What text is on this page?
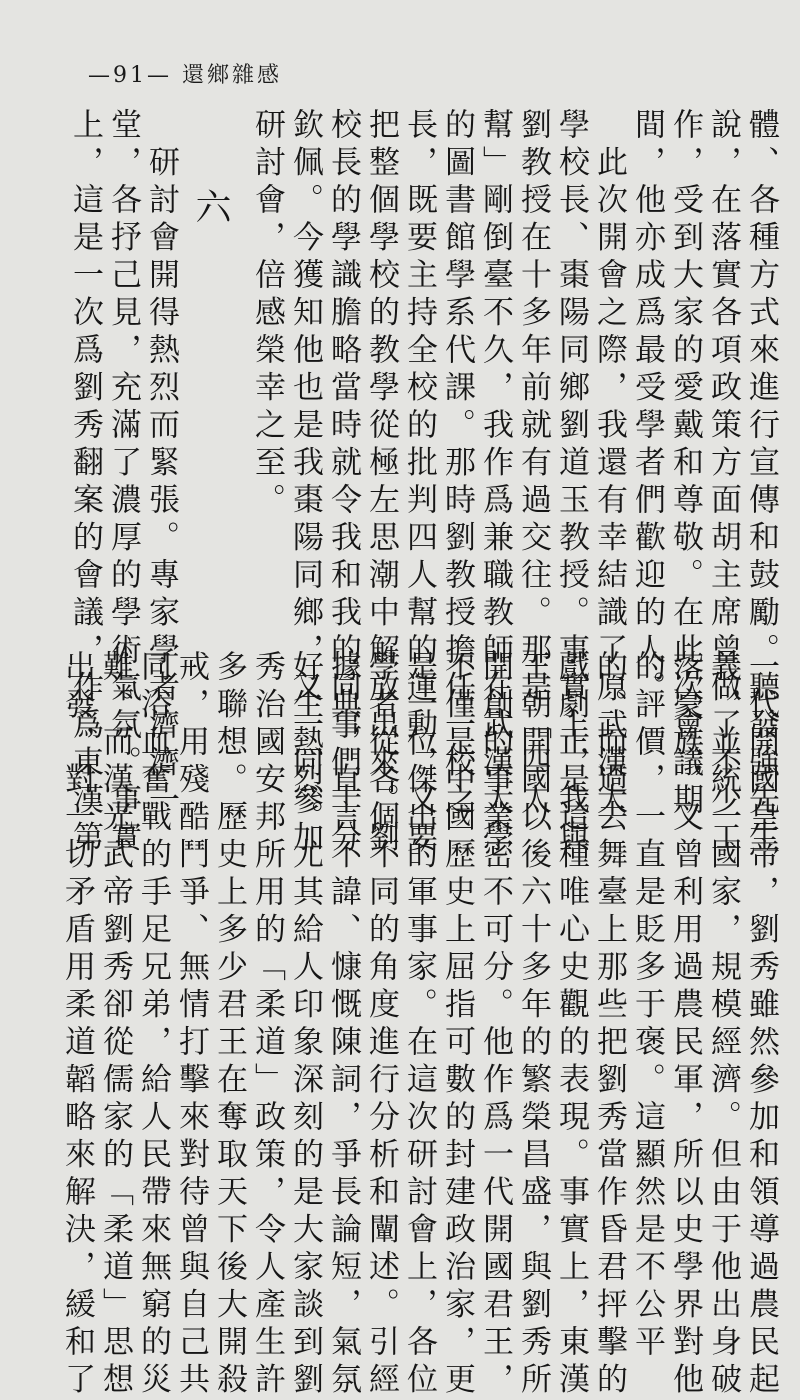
—91— 還鄉雜感
體、各種方式來進行宣傳和鼓勵。聽發強先生
說，在落實各項政策方面胡主席曾做了不少工
作，受到大家的愛戴和尊敬。在此次會議期
間，他亦成爲最受學者們歡迎的人。
　此次開會之際，我還有幸結識了原武漢大
學校長、棗陽同鄉劉道玉教授。事實上，我與
劉教授在十多年前就有過交往。那是「四人
幫」剛倒臺不久，我作爲兼職教師在武漢大學
的圖書館學系代課。那時劉教授擔任一校之
長，既要主持全校的批判四人幫的運動，又要
把整個學校的教學從極左思潮中解放出來。劉
校長的學識膽略當時就令我和我的同事們十分
欽佩。今獲知他也是我棗陽同鄉，又一同參加
研討會，倍感榮幸之至。
六
　研討會開得熱烈而緊張。專家學者濟濟一
堂，各抒己見，充滿了濃厚的學術氣氛。事實
上，這是一次爲劉秀翻案的會議，作爲東漢第
一代開國皇帝，劉秀雖然參加和領導過農民起
義，並統一國家，規模經濟。但由于他出身破
落豪族，又曾利用過農民軍，所以史學界對他
的評價，一直是貶多于褒。這顯然是不公平
的。而過去舞臺上那些把劉秀當作昏君抨擊的
戲劇正是這種唯心史觀的表現。事實上，東漢
王朝開國以後六十多年的繁榮昌盛，與劉秀所
開創的事業密不可分。他作爲一代開國君王，
不僅是中國歷史上屈指可數的封建政治家，更
是一位傑出的軍事家。在這次研討會上，各位
學者從各個不同的角度進行分析和闡述。引經
據典，直言不諱、慷慨陳詞，爭長論短，氣氛
好生熱烈。尤其給人印象深刻的是大家談到劉
秀治國安邦所用的「柔道」政策，令人產生許
多聯想。歷史上多少君王在奪取天下後大開殺
戒，用殘酷鬥爭、無情打擊來對待曾與自己共
同浴血奮戰的手足兄弟，給人民帶來無窮的災
難。而漢光武帝劉秀卻從儒家的「柔道」思想
出發，對一切矛盾用柔道韜略來解決，緩和了
